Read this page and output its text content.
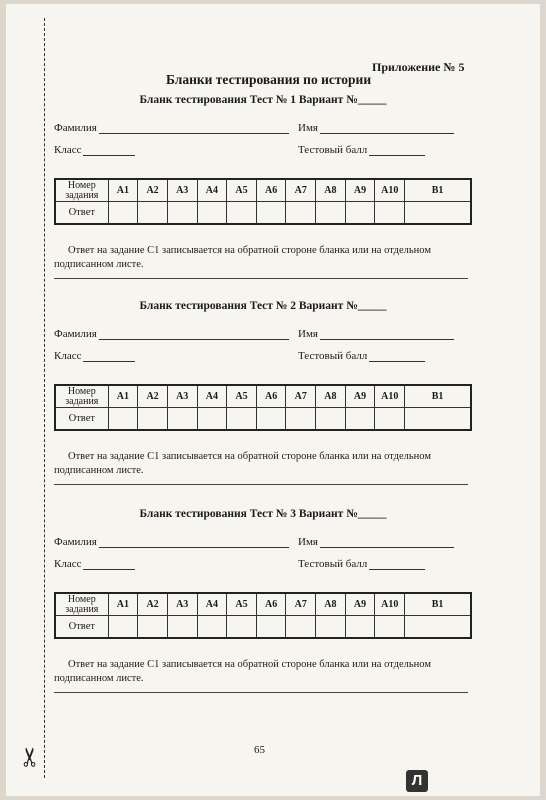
✂
Приложение № 5
Бланки тестирования по истории
Бланк тестирования Тест № 1 Вариант №_____
Фамилия	Имя
Класс	Тестовый балл
Номер задания	A1	A2	A3	A4	A5	A6	A7	A8	A9	A10	B1
Ответ											
Ответ на задание С1 записывается на обратной стороне бланка или на отдельном подписанном листе.
Бланк тестирования Тест № 2 Вариант №_____
Фамилия	Имя
Класс	Тестовый балл
Номер задания	A1	A2	A3	A4	A5	A6	A7	A8	A9	A10	B1
Ответ											
Ответ на задание С1 записывается на обратной стороне бланка или на отдельном подписанном листе.
Бланк тестирования Тест № 3 Вариант №_____
Фамилия	Имя
Класс	Тестовый балл
Номер задания	A1	A2	A3	A4	A5	A6	A7	A8	A9	A10	B1
Ответ											
Ответ на задание С1 записывается на обратной стороне бланка или на отдельном подписанном листе.
65
Л
